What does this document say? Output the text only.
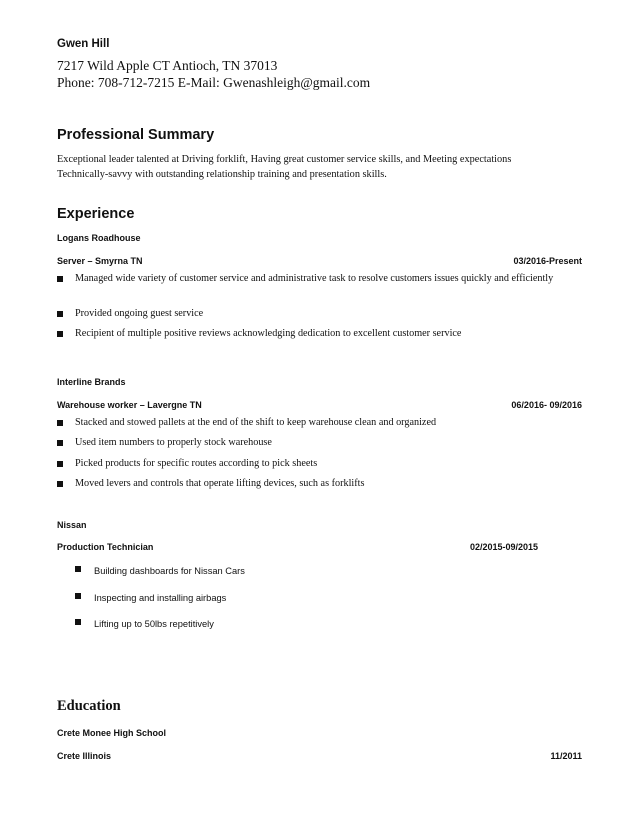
Gwen Hill
7217 Wild Apple CT Antioch, TN 37013
Phone: 708-712-7215 E-Mail: Gwenashleigh@gmail.com
Professional Summary
Exceptional leader talented at Driving forklift, Having great customer service skills, and Meeting expectations
Technically-savvy with outstanding relationship training and presentation skills.
Experience
Logans Roadhouse
Server – Smyrna TN	03/2016-Present
Managed wide variety of customer service and administrative task to resolve customers issues quickly and efficiently
Provided ongoing guest service
Recipient of multiple positive reviews acknowledging dedication to excellent customer service
Interline Brands
Warehouse worker – Lavergne TN	06/2016- 09/2016
Stacked and stowed pallets at the end of the shift to keep warehouse clean and organized
Used item numbers to properly stock warehouse
Picked products for specific routes according to pick sheets
Moved levers and controls that operate lifting devices, such as forklifts
Nissan
Production Technician	02/2015-09/2015
Building dashboards for Nissan Cars
Inspecting and installing airbags
Lifting up to 50lbs repetitively
Education
Crete Monee High School
Crete Illinois	11/2011
